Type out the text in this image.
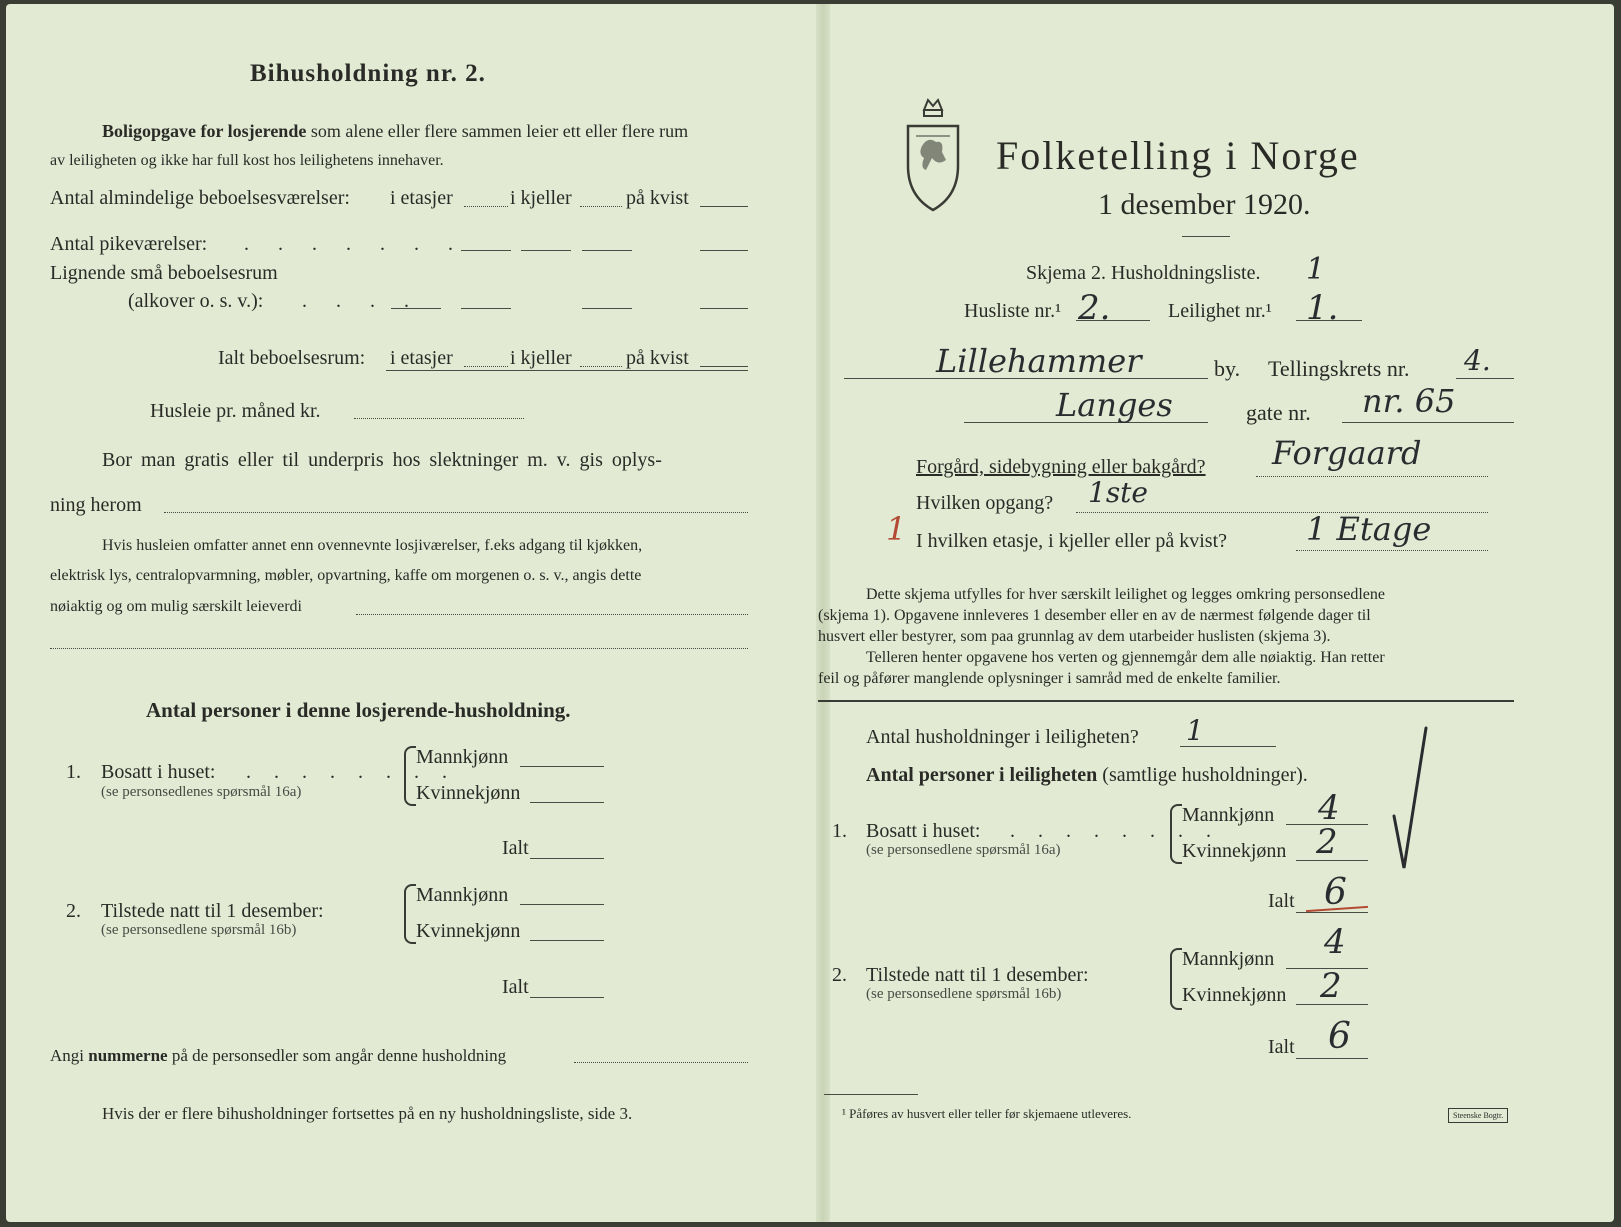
Bihusholdning nr. 2.
Boligopgave for losjerende som alene eller flere sammen leier ett eller flere rum
av leiligheten og ikke har full kost hos leilighetens innehaver.
Antal almindelige beboelsesværelser: i etasjer	i kjeller	på kvist
Antal pikeværelser: . . . . . . .
Lignende små beboelsesrum
(alkover o. s. v.): . . . .
Ialt beboelsesrum: i etasjer	i kjeller	på kvist
Husleie pr. måned kr.
Bor man gratis eller til underpris hos slektninger m. v. gis oplys-
ning herom
Hvis husleien omfatter annet enn ovennevnte losjiværelser, f.eks adgang til kjøkken,
elektrisk lys, centralopvarmning, møbler, opvartning, kaffe om morgenen o. s. v., angis dette
nøiaktig og om mulig særskilt leieverdi
Antal personer i denne losjerende-husholdning.
1. Bosatt i huset: . . . . . . . .
(se personsedlenes spørsmål 16a)
Mannkjønn
Kvinnekjønn
Ialt
2. Tilstede natt til 1 desember:
(se personsedlene spørsmål 16b)
Mannkjønn
Kvinnekjønn
Ialt
Angi nummerne på de personsedler som angår denne husholdning
Hvis der er flere bihusholdninger fortsettes på en ny husholdningsliste, side 3.
Folketelling i Norge
1 desember 1920.
Skjema 2. Husholdningsliste. 1
Husliste nr.¹ 2.	Leilighet nr.¹ 1.
Lillehammer	by. Tellingskrets nr. 4.
Langes	gate nr. nr. 65
Forgård, sidebygning eller bakgård? Forgaard
Hvilken opgang? 1ste
1 I hvilken etasje, i kjeller eller på kvist? 1 Etage
Dette skjema utfylles for hver særskilt leilighet og legges omkring personsedlene
(skjema 1). Opgavene innleveres 1 desember eller en av de nærmest følgende dager til
husvert eller bestyrer, som paa grunnlag av dem utarbeider huslisten (skjema 3).
Telleren henter opgavene hos verten og gjennemgår dem alle nøiaktig. Han retter
feil og påfører manglende oplysninger i samråd med de enkelte familier.
Antal husholdninger i leiligheten? 1
Antal personer i leiligheten (samtlige husholdninger).
1. Bosatt i huset: . . . . . . . .
(se personsedlene spørsmål 16a)
Mannkjønn 4
Kvinnekjønn 2
Ialt 6
2. Tilstede natt til 1 desember:
(se personsedlene spørsmål 16b)
Mannkjønn 4
Kvinnekjønn 2
Ialt 6
¹ Påføres av husvert eller teller før skjemaene utleveres.	Steenske Bogtr.
